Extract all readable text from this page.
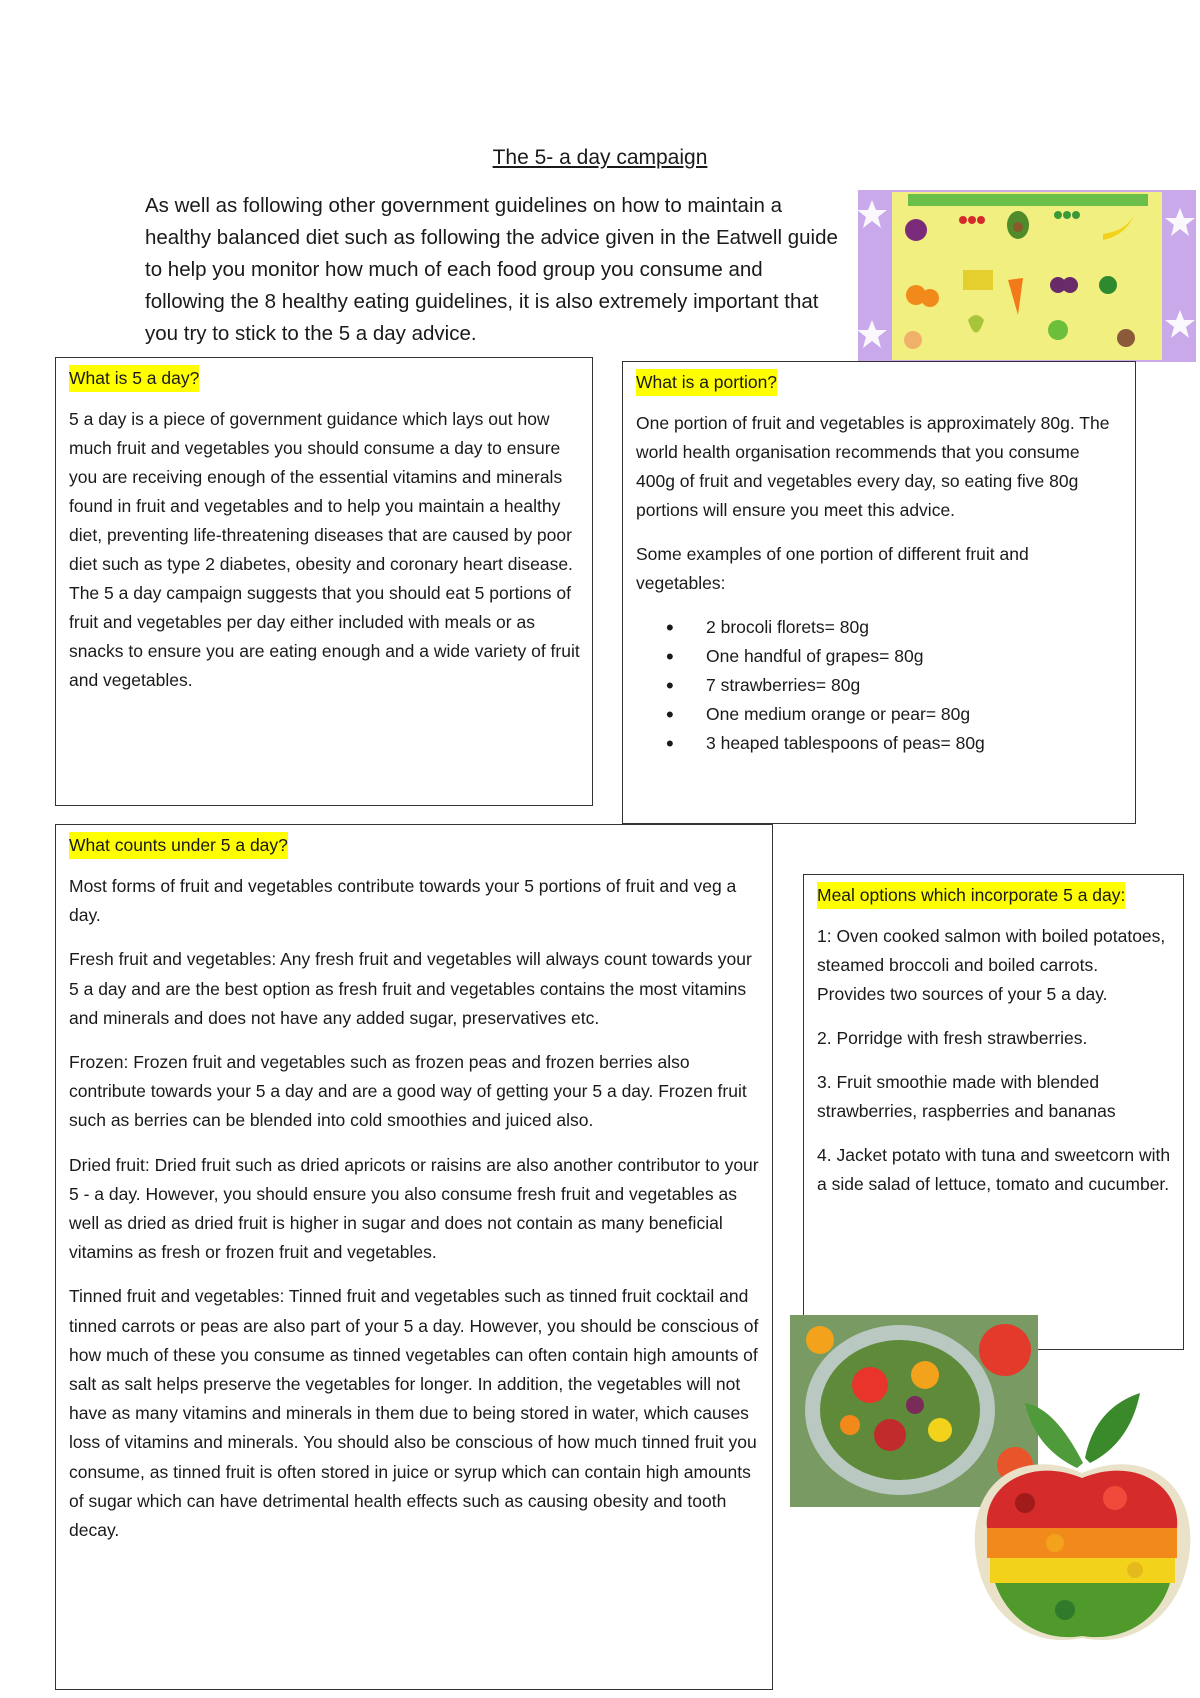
The 5- a day campaign
As well as following other government guidelines on how to maintain a healthy balanced diet such as following the advice given in the Eatwell guide to help you monitor how much of each food group you consume and following the 8 healthy eating guidelines, it is also extremely important that you try to stick to the 5 a day advice.
What is 5 a day?

5 a day is a piece of government guidance which lays out how much fruit and vegetables you should consume a day to ensure you are receiving enough of the essential vitamins and minerals found in fruit and vegetables and to help you maintain a healthy diet, preventing life-threatening diseases that are caused by poor diet such as type 2 diabetes, obesity and coronary heart disease. The 5 a day campaign suggests that you should eat 5 portions of fruit and vegetables per day either included with meals or as snacks to ensure you are eating enough and a wide variety of fruit and vegetables.

What is a portion?

One portion of fruit and vegetables is approximately 80g. The world health organisation recommends that you consume 400g of fruit and vegetables every day, so eating five 80g portions will ensure you meet this advice.

Some examples of one portion of different fruit and vegetables:

• 2 brocoli florets= 80g
• One handful of grapes= 80g
• 7 strawberries= 80g
• One medium orange or pear= 80g
• 3 heaped tablespoons of peas= 80g
What counts under 5 a day?

Most forms of fruit and vegetables contribute towards your 5 portions of fruit and veg a day.

Fresh fruit and vegetables: Any fresh fruit and vegetables will always count towards your 5 a day and are the best option as fresh fruit and vegetables contains the most vitamins and minerals and does not have any added sugar, preservatives etc.

Frozen: Frozen fruit and vegetables such as frozen peas and frozen berries also contribute towards your 5 a day and are a good way of getting your 5 a day. Frozen fruit such as berries can be blended into cold smoothies and juiced also.

Dried fruit: Dried fruit such as dried apricots or raisins are also another contributor to your 5 - a day. However, you should ensure you also consume fresh fruit and vegetables as well as dried as dried fruit is higher in sugar and does not contain as many beneficial vitamins as fresh or frozen fruit and vegetables.

Tinned fruit and vegetables: Tinned fruit and vegetables such as tinned fruit cocktail and tinned carrots or peas are also part of your 5 a day. However, you should be conscious of how much of these you consume as tinned vegetables can often contain high amounts of salt as salt helps preserve the vegetables for longer. In addition, the vegetables will not have as many vitamins and minerals in them due to being stored in water, which causes loss of vitamins and minerals. You should also be conscious of how much tinned fruit you consume, as tinned fruit is often stored in juice or syrup which can contain high amounts of sugar which can have detrimental health effects such as causing obesity and tooth decay.

Meal options which incorporate 5 a day:

1: Oven cooked salmon with boiled potatoes, steamed broccoli and boiled carrots. Provides two sources of your 5 a day.

2. Porridge with fresh strawberries.

3. Fruit smoothie made with blended strawberries, raspberries and bananas

4. Jacket potato with tuna and sweetcorn with a side salad of lettuce, tomato and cucumber.
